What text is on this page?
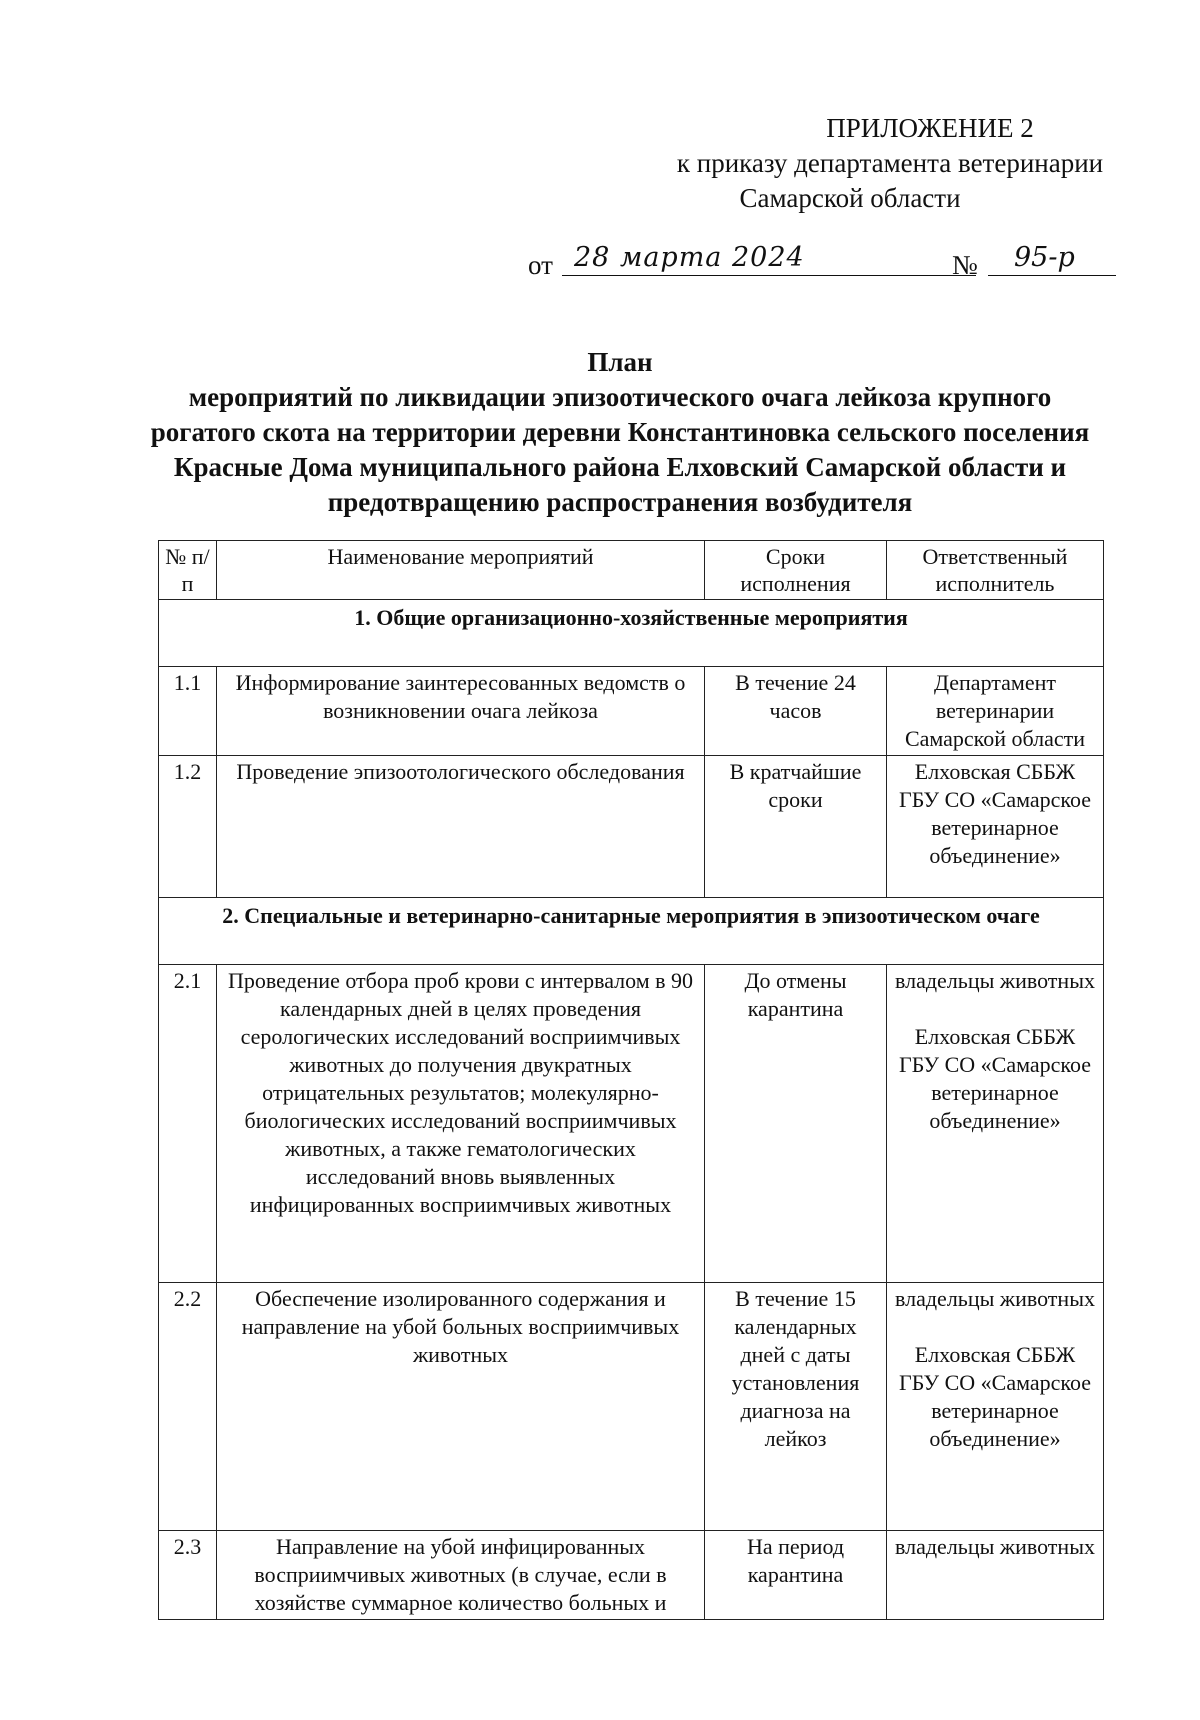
ПРИЛОЖЕНИЕ 2
к приказу департамента ветеринарии
Самарской области
от 28 марта 2024	№	95-р
План
мероприятий по ликвидации эпизоотического очага лейкоза крупного рогатого скота на территории деревни Константиновка сельского поселения Красные Дома муниципального района Елховский Самарской области и предотвращению распространения возбудителя
№ п/п	Наименование мероприятий	Сроки исполнения	Ответственный исполнитель
1. Общие организационно-хозяйственные мероприятия			
1.1	Информирование заинтересованных ведомств о возникновении очага лейкоза	В течение 24 часов	Департамент ветеринарии Самарской области
1.2	Проведение эпизоотологического обследования	В кратчайшие сроки	Елховская СББЖ ГБУ СО «Самарское ветеринарное объединение»
2. Специальные и ветеринарно-санитарные мероприятия в эпизоотическом очаге			
2.1	Проведение отбора проб крови с интервалом в 90 календарных дней в целях проведения серологических исследований восприимчивых животных до получения двукратных отрицательных результатов; молекулярно-биологических исследований восприимчивых животных, а также гематологических исследований вновь выявленных инфицированных восприимчивых животных	До отмены карантина	владельцы животных
Елховская СББЖ ГБУ СО «Самарское ветеринарное объединение»

2.2	Обеспечение изолированного содержания и направление на убой больных восприимчивых животных	В течение 15 календарных дней с даты установления диагноза на лейкоз	владельцы животных
Елховская СББЖ ГБУ СО «Самарское ветеринарное объединение»

2.3	Направление на убой инфицированных восприимчивых животных (в случае, если в хозяйстве суммарное количество больных и	На период карантина	владельцы животных
